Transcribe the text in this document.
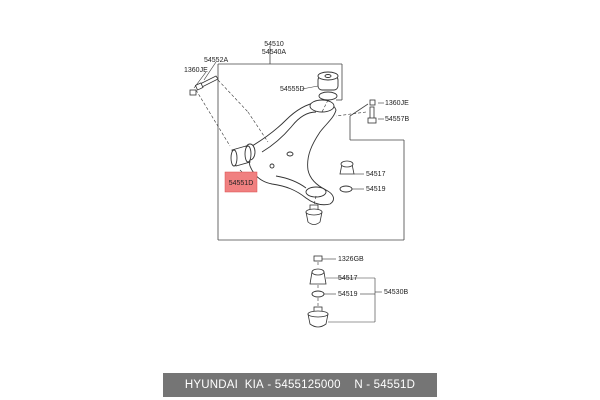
54510
54540A
54552A
1360JE
54555D
1360JE
54557B
54517
54519
54551D
1326GB
54517
54519	54530B
HYUNDAI  KIA - 5455125000
N - 54551D
